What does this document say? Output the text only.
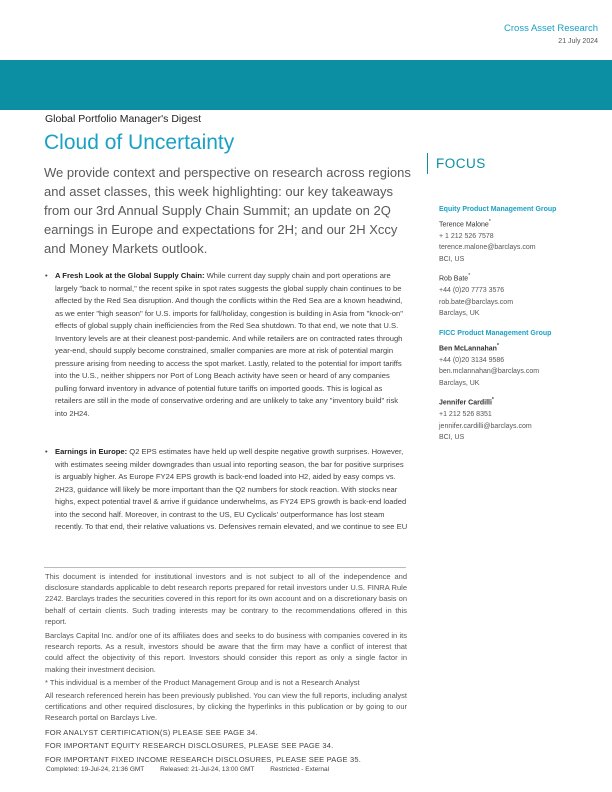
Cross Asset Research
21 July 2024
Global Portfolio Manager's Digest
Cloud of Uncertainty
We provide context and perspective on research across regions and asset classes, this week highlighting: our key takeaways from our 3rd Annual Supply Chain Summit; an update on 2Q earnings in Europe and expectations for 2H; and our 2H Xccy and Money Markets outlook.
FOCUS
Equity Product Management Group
Terence Malone*
+ 1 212 526 7578
terence.malone@barclays.com
BCI, US
Rob Bate*
+44 (0)20 7773 3576
rob.bate@barclays.com
Barclays, UK
FICC Product Management Group
Ben McLannahan*
+44 (0)20 3134 9586
ben.mclannahan@barclays.com
Barclays, UK
Jennifer Cardilli*
+1 212 526 8351
jennifer.cardilli@barclays.com
BCI, US
• A Fresh Look at the Global Supply Chain: While current day supply chain and port operations are largely "back to normal," the recent spike in spot rates suggests the global supply chain continues to be affected by the Red Sea disruption. And though the conflicts within the Red Sea are a known headwind, as we enter "high season" for U.S. imports for fall/holiday, congestion is building in Asia from "knock-on" effects of global supply chain inefficiencies from the Red Sea shutdown. To that end, we note that U.S. Inventory levels are at their cleanest post-pandemic. And while retailers are on contracted rates through year-end, should supply become constrained, smaller companies are more at risk of potential margin pressure arising from needing to access the spot market. Lastly, related to the potential for import tariffs into the U.S., neither shippers nor Port of Long Beach activity have seen or heard of any companies pulling forward inventory in advance of potential future tariffs on imported goods. This is logical as retailers are still in the mode of conservative ordering and are unlikely to take any "inventory build" risk into 2H24.
• Earnings in Europe: Q2 EPS estimates have held up well despite negative growth surprises. However, with estimates seeing milder downgrades than usual into reporting season, the bar for positive surprises is arguably higher. As Europe FY24 EPS growth is back-end loaded into H2, aided by easy comps vs. 2H23, guidance will likely be more important than the Q2 numbers for stock reaction. With stocks near highs, expect potential travel & arrive if guidance underwhelms, as FY24 EPS growth is back-end loaded into the second half. Moreover, in contrast to the US, EU Cyclicals' outperformance has lost steam recently. To that end, their relative valuations vs. Defensives remain elevated, and we continue to see EU
This document is intended for institutional investors and is not subject to all of the independence and disclosure standards applicable to debt research reports prepared for retail investors under U.S. FINRA Rule 2242. Barclays trades the securities covered in this report for its own account and on a discretionary basis on behalf of certain clients. Such trading interests may be contrary to the recommendations offered in this report.
Barclays Capital Inc. and/or one of its affiliates does and seeks to do business with companies covered in its research reports. As a result, investors should be aware that the firm may have a conflict of interest that could affect the objectivity of this report. Investors should consider this report as only a single factor in making their investment decision.
* This individual is a member of the Product Management Group and is not a Research Analyst
All research referenced herein has been previously published. You can view the full reports, including analyst certifications and other required disclosures, by clicking the hyperlinks in this publication or by going to our Research portal on Barclays Live.
FOR ANALYST CERTIFICATION(S) PLEASE SEE PAGE 34.
FOR IMPORTANT EQUITY RESEARCH DISCLOSURES, PLEASE SEE PAGE 34.
FOR IMPORTANT FIXED INCOME RESEARCH DISCLOSURES, PLEASE SEE PAGE 35.
Completed: 19-Jul-24, 21:36 GMT Released: 21-Jul-24, 13:00 GMT Restricted - External
